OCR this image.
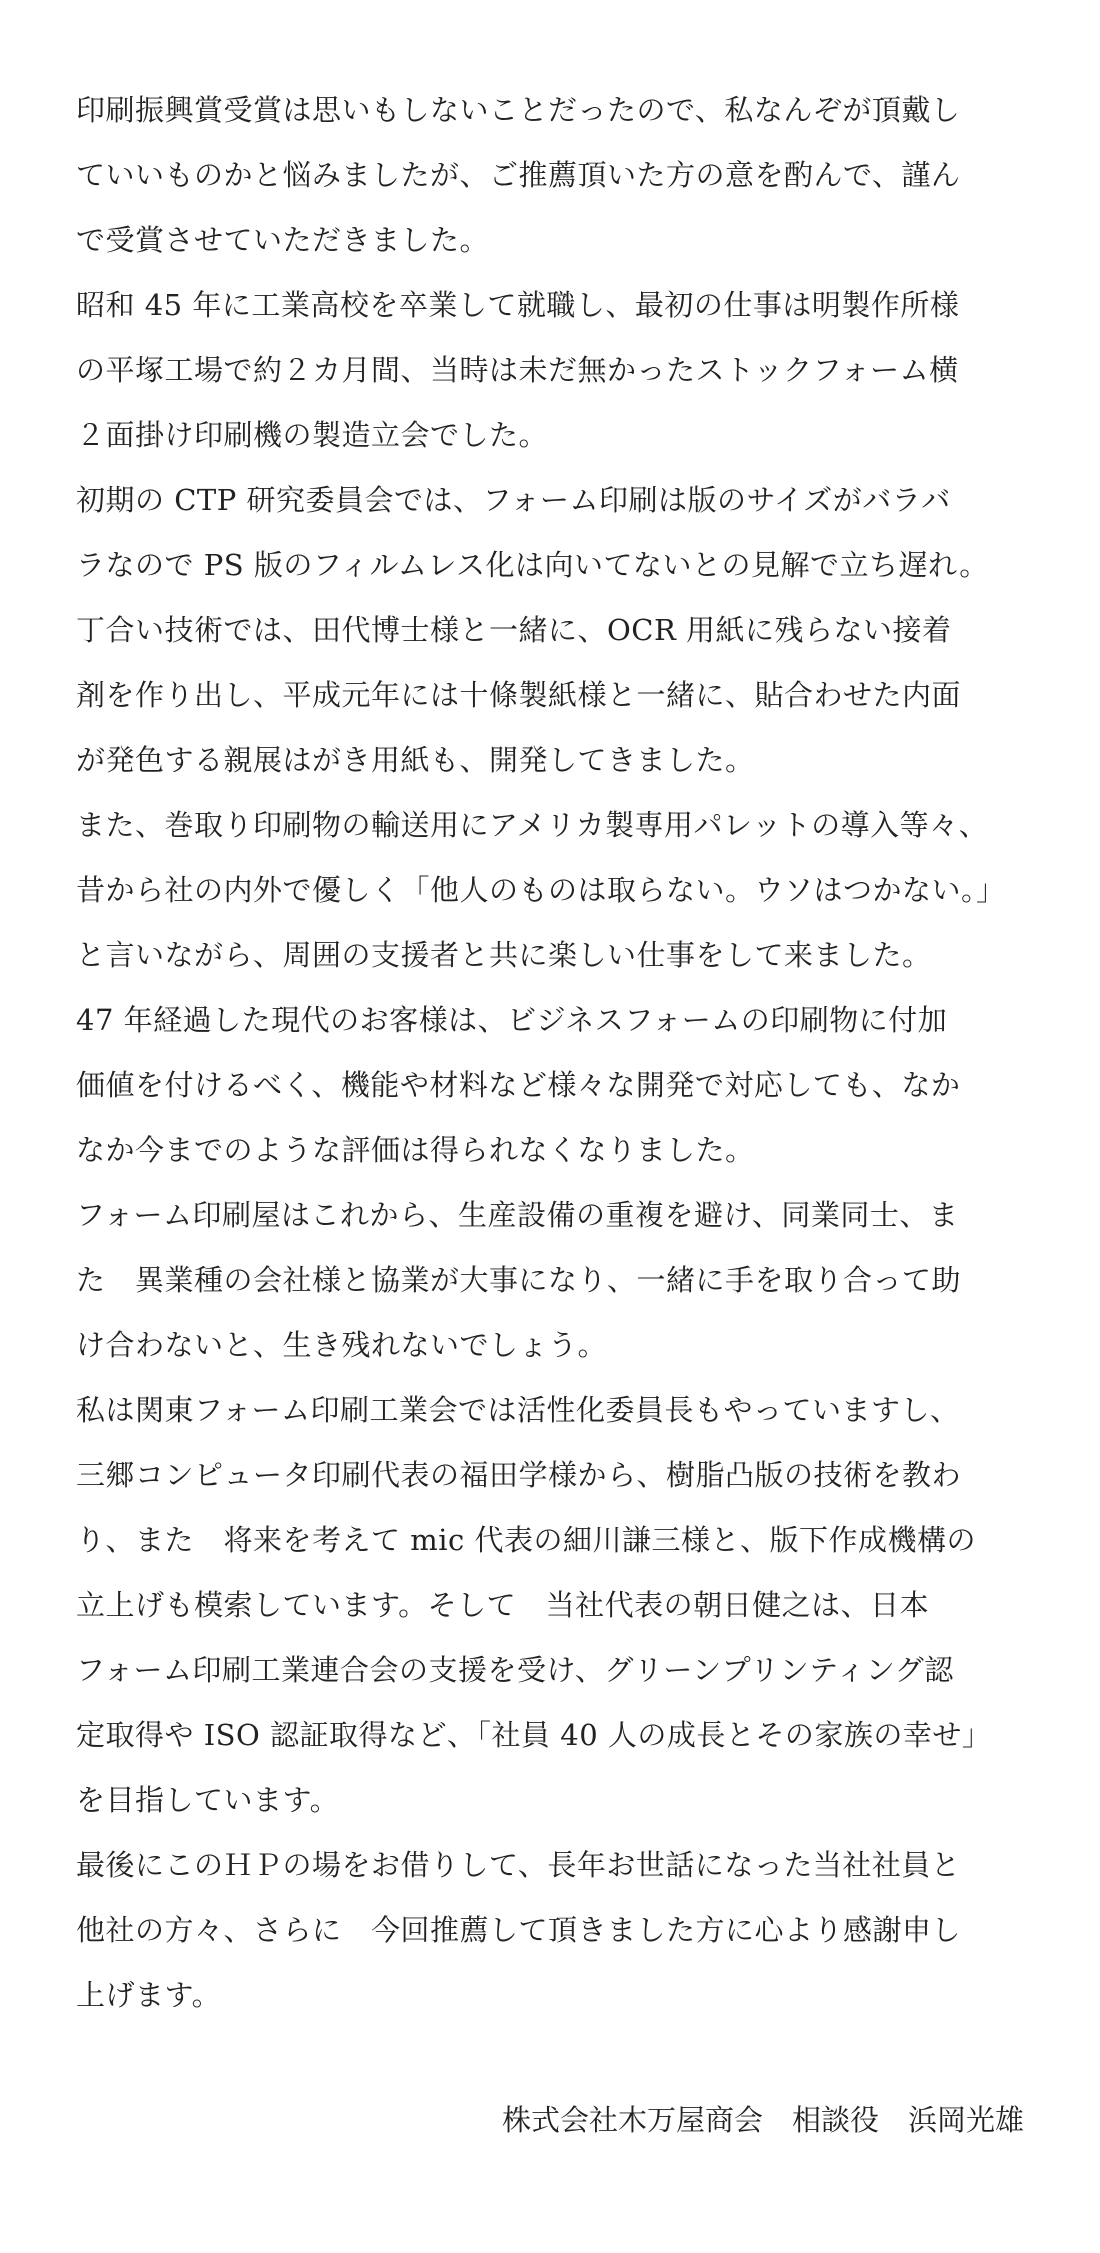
印刷振興賞受賞は思いもしないことだったので、私なんぞが頂戴し
ていいものかと悩みましたが、ご推薦頂いた方の意を酌んで、謹ん
で受賞させていただきました。
昭和 45 年に工業高校を卒業して就職し、最初の仕事は明製作所様
の平塚工場で約２カ月間、当時は未だ無かったストックフォーム横
２面掛け印刷機の製造立会でした。
初期の CTP 研究委員会では、フォーム印刷は版のサイズがバラバ
ラなので PS 版のフィルムレス化は向いてないとの見解で立ち遅れ。
丁合い技術では、田代博士様と一緒に、OCR 用紙に残らない接着
剤を作り出し、平成元年には十條製紙様と一緒に、貼合わせた内面
が発色する親展はがき用紙も、開発してきました。
また、巻取り印刷物の輸送用にアメリカ製専用パレットの導入等々、
昔から社の内外で優しく「他人のものは取らない。ウソはつかない。」
と言いながら、周囲の支援者と共に楽しい仕事をして来ました。
47 年経過した現代のお客様は、ビジネスフォームの印刷物に付加
価値を付けるべく、機能や材料など様々な開発で対応しても、なか
なか今までのような評価は得られなくなりました。
フォーム印刷屋はこれから、生産設備の重複を避け、同業同士、ま
た　異業種の会社様と協業が大事になり、一緒に手を取り合って助
け合わないと、生き残れないでしょう。
私は関東フォーム印刷工業会では活性化委員長もやっていますし、
三郷コンピュータ印刷代表の福田学様から、樹脂凸版の技術を教わ
り、また　将来を考えて mic 代表の細川謙三様と、版下作成機構の
立上げも模索しています。そして　当社代表の朝日健之は、日本
フォーム印刷工業連合会の支援を受け、グリーンプリンティング認
定取得や ISO 認証取得など、「社員 40 人の成長とその家族の幸せ」
を目指しています。
最後にこのＨＰの場をお借りして、長年お世話になった当社社員と
他社の方々、さらに　今回推薦して頂きました方に心より感謝申し
上げます。
株式会社木万屋商会　相談役　浜岡光雄
